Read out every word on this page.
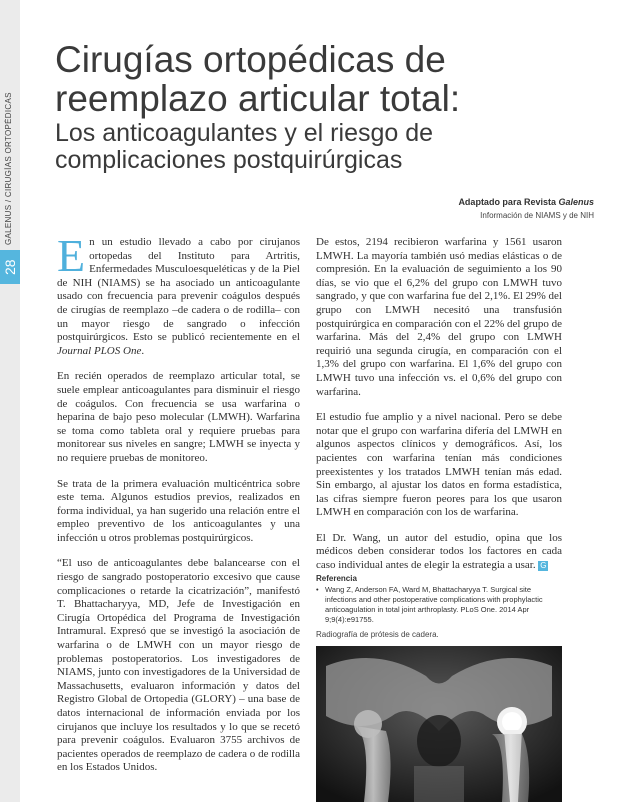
GALENUS / CIRUGÍAS ORTOPÉDICAS
28
Cirugías ortopédicas de
reemplazo articular total:
Los anticoagulantes y el riesgo de
complicaciones postquirúrgicas
Adaptado para Revista Galenus
Información de NIAMS y de NIH

En un estudio llevado a cabo por cirujanos ortopedas del Instituto para Artritis, Enfermedades Musculoesqueléticas y de la Piel de NIH (NIAMS) se ha asociado un anticoagulante usado con frecuencia para prevenir coágulos después de cirugías de reemplazo –de cadera o de rodilla– con un mayor riesgo de sangrado o infección postquirúrgicos. Esto se publicó recientemente en el Journal PLOS One.

En recién operados de reemplazo articular total, se suele emplear anticoagulantes para disminuir el riesgo de coágulos. Con frecuencia se usa warfarina o heparina de bajo peso molecular (LMWH). Warfarina se toma como tableta oral y requiere pruebas para monitorear sus niveles en sangre; LMWH se inyecta y no requiere pruebas de monitoreo.

Se trata de la primera evaluación multicéntrica sobre este tema. Algunos estudios previos, realizados en forma individual, ya han sugerido una relación entre el empleo preventivo de los anticoagulantes y una infección u otros problemas postquirúrgicos.

“El uso de anticoagulantes debe balancearse con el riesgo de sangrado postoperatorio excesivo que cause complicaciones o retarde la cicatrización”, manifestó T. Bhattacharyya, MD, Jefe de Investigación en Cirugía Ortopédica del Programa de Investigación Intramural. Expresó que se investigó la asociación de warfarina o de LMWH con un mayor riesgo de problemas postoperatorios. Los investigadores de NIAMS, junto con investigadores de la Universidad de Massachusetts, evaluaron información y datos del Registro Global de Ortopedia (GLORY) – una base de datos internacional de información enviada por los cirujanos que incluye los resultados y lo que se recetó para prevenir coágulos. Evaluaron 3755 archivos de pacientes operados de reemplazo de cadera o de rodilla en los Estados Unidos.

De estos, 2194 recibieron warfarina y 1561 usaron LMWH. La mayoría también usó medias elásticas o de compresión. En la evaluación de seguimiento a los 90 días, se vio que el 6,2% del grupo con LMWH tuvo sangrado, y que con warfarina fue del 2,1%. El 29% del grupo con LMWH necesitó una transfusión postquirúrgica en comparación con el 22% del grupo de warfarina. Más del 2,4% del grupo con LMWH requirió una segunda cirugía, en comparación con el 1,3% del grupo con warfarina. El 1,6% del grupo con LMWH tuvo una infección vs. el 0,6% del grupo con warfarina.

El estudio fue amplio y a nivel nacional. Pero se debe notar que el grupo con warfarina difería del LMWH en algunos aspectos clínicos y demográficos. Así, los pacientes con warfarina tenían más condiciones preexistentes y los tratados LMWH tenían más edad. Sin embargo, al ajustar los datos en forma estadística, las cifras siempre fueron peores para los que usaron LMWH en comparación con los de warfarina.

El Dr. Wang, un autor del estudio, opina que los médicos deben considerar todos los factores en cada caso individual antes de elegir la estrategia a usar. G

Referencia
• Wang Z, Anderson FA, Ward M, Bhattacharyya T. Surgical site infections and other postoperative complications with prophylactic anticoagulation in total joint arthroplasty. PLoS One. 2014 Apr 9;9(4):e91755.
Radiografía de prótesis de cadera.
